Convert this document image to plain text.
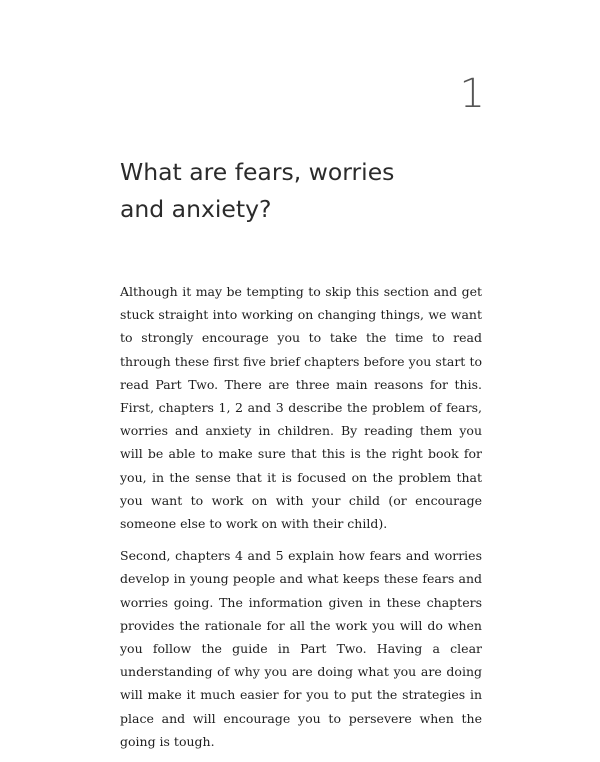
1
What are fears, worries
and anxiety?

Although it may be tempting to skip this section and get stuck straight into working on changing things, we want to strongly encourage you to take the time to read through these first five brief chapters before you start to read Part Two. There are three main reasons for this. First, chapters 1, 2 and 3 describe the problem of fears, worries and anxiety in children. By reading them you will be able to make sure that this is the right book for you, in the sense that it is focused on the problem that you want to work on with your child (or encourage someone else to work on with their child).

Second, chapters 4 and 5 explain how fears and worries develop in young people and what keeps these fears and worries going. The information given in these chapters provides the rationale for all the work you will do when you follow the guide in Part Two. Having a clear understanding of why you are doing what you are doing will make it much easier for you to put the strategies in place and will encourage you to persevere when the going is tough.
